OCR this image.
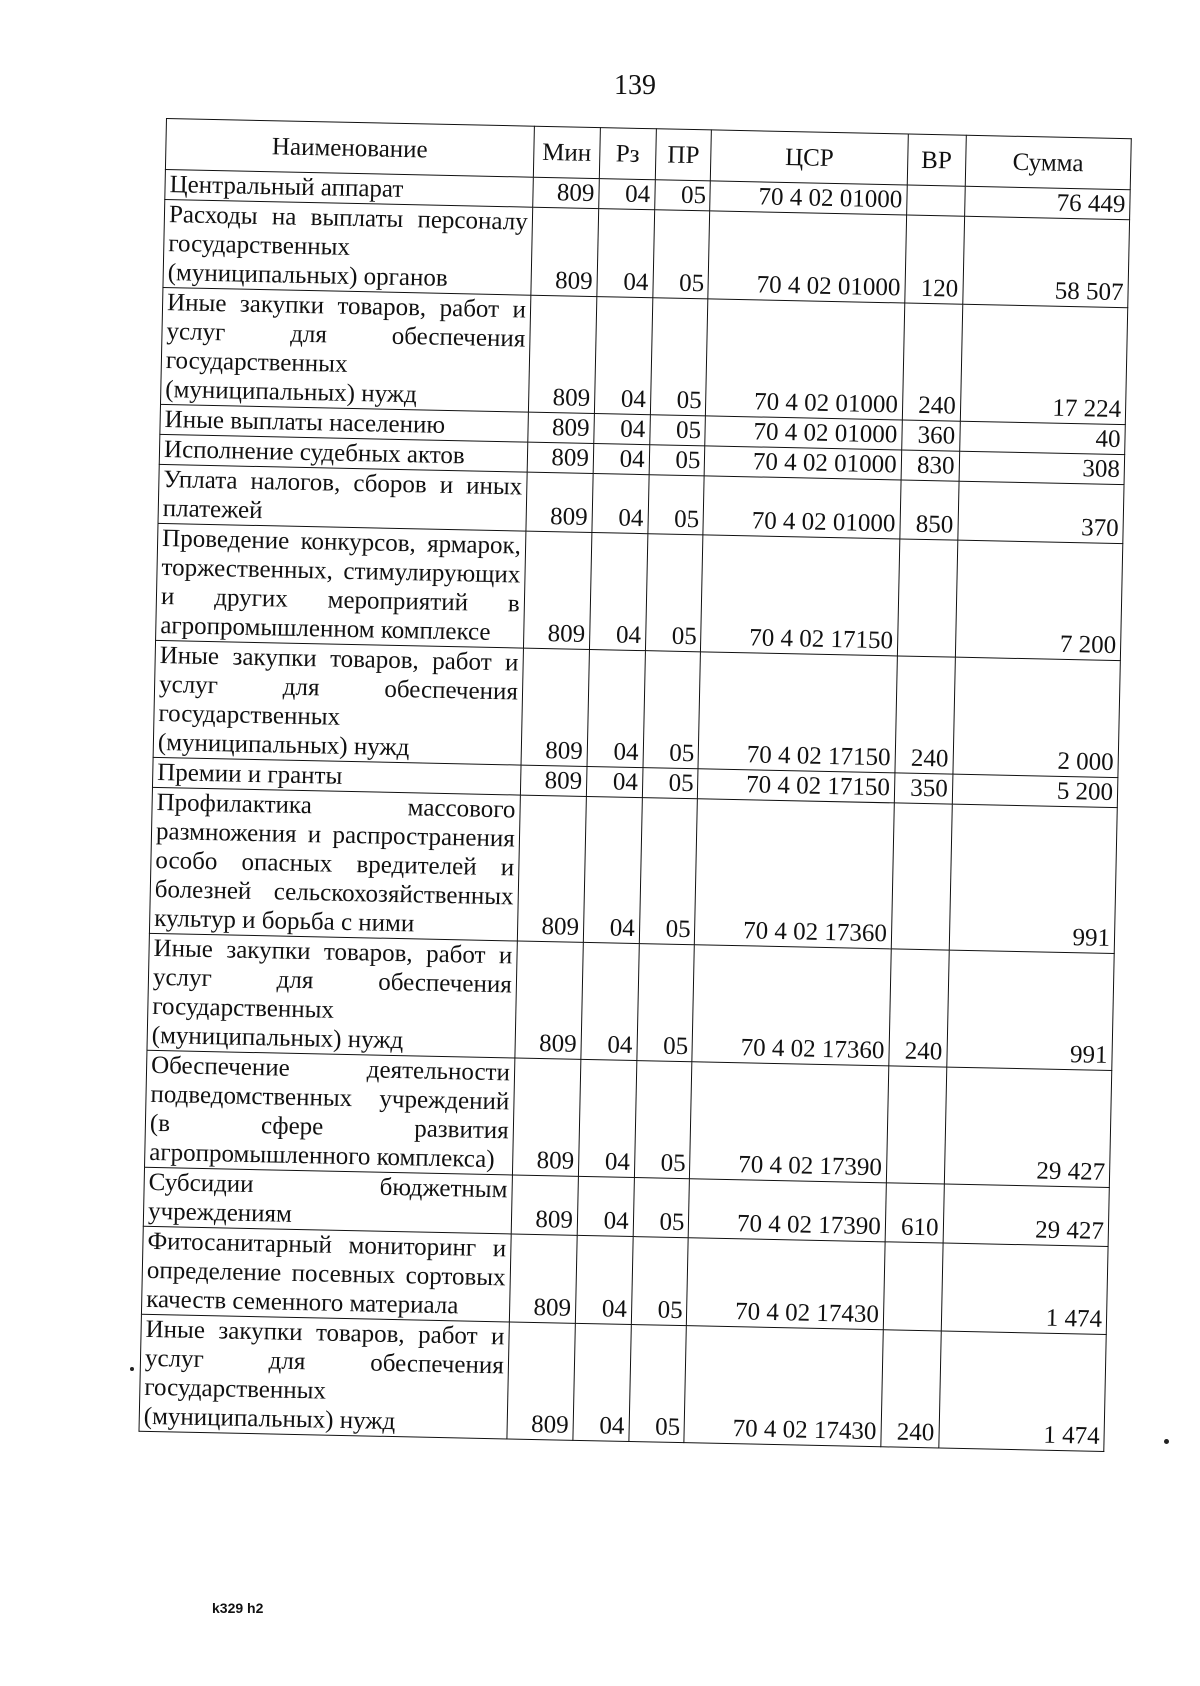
139
Наименование	Мин	Рз	ПР	ЦСР	ВР	Сумма
Центральный аппарат	809	04	05	70 4 02 01000		76 449
Расходы на выплаты персоналу государственных (муниципальных) органов	809	04	05	70 4 02 01000	120	58 507
Иные закупки товаров, работ и услуг для обеспечения государственных (муниципальных) нужд	809	04	05	70 4 02 01000	240	17 224
Иные выплаты населению	809	04	05	70 4 02 01000	360	40
Исполнение судебных актов	809	04	05	70 4 02 01000	830	308
Уплата налогов, сборов и иных платежей	809	04	05	70 4 02 01000	850	370
Проведение конкурсов, ярмарок, торжественных, стимулирующих и других мероприятий в агропромышленном комплексе	809	04	05	70 4 02 17150		7 200
Иные закупки товаров, работ и услуг для обеспечения государственных (муниципальных) нужд	809	04	05	70 4 02 17150	240	2 000
Премии и гранты	809	04	05	70 4 02 17150	350	5 200
Профилактика массового размножения и распространения особо опасных вредителей и болезней сельскохозяйственных культур и борьба с ними	809	04	05	70 4 02 17360		991
Иные закупки товаров, работ и услуг для обеспечения государственных (муниципальных) нужд	809	04	05	70 4 02 17360	240	991
Обеспечение деятельности подведомственных учреждений (в сфере развития агропромышленного комплекса)	809	04	05	70 4 02 17390		29 427
Субсидии бюджетным учреждениям	809	04	05	70 4 02 17390	610	29 427
Фитосанитарный мониторинг и определение посевных сортовых качеств семенного материала	809	04	05	70 4 02 17430		1 474
Иные закупки товаров, работ и услуг для обеспечения государственных (муниципальных) нужд	809	04	05	70 4 02 17430	240	1 474
k329 h2
